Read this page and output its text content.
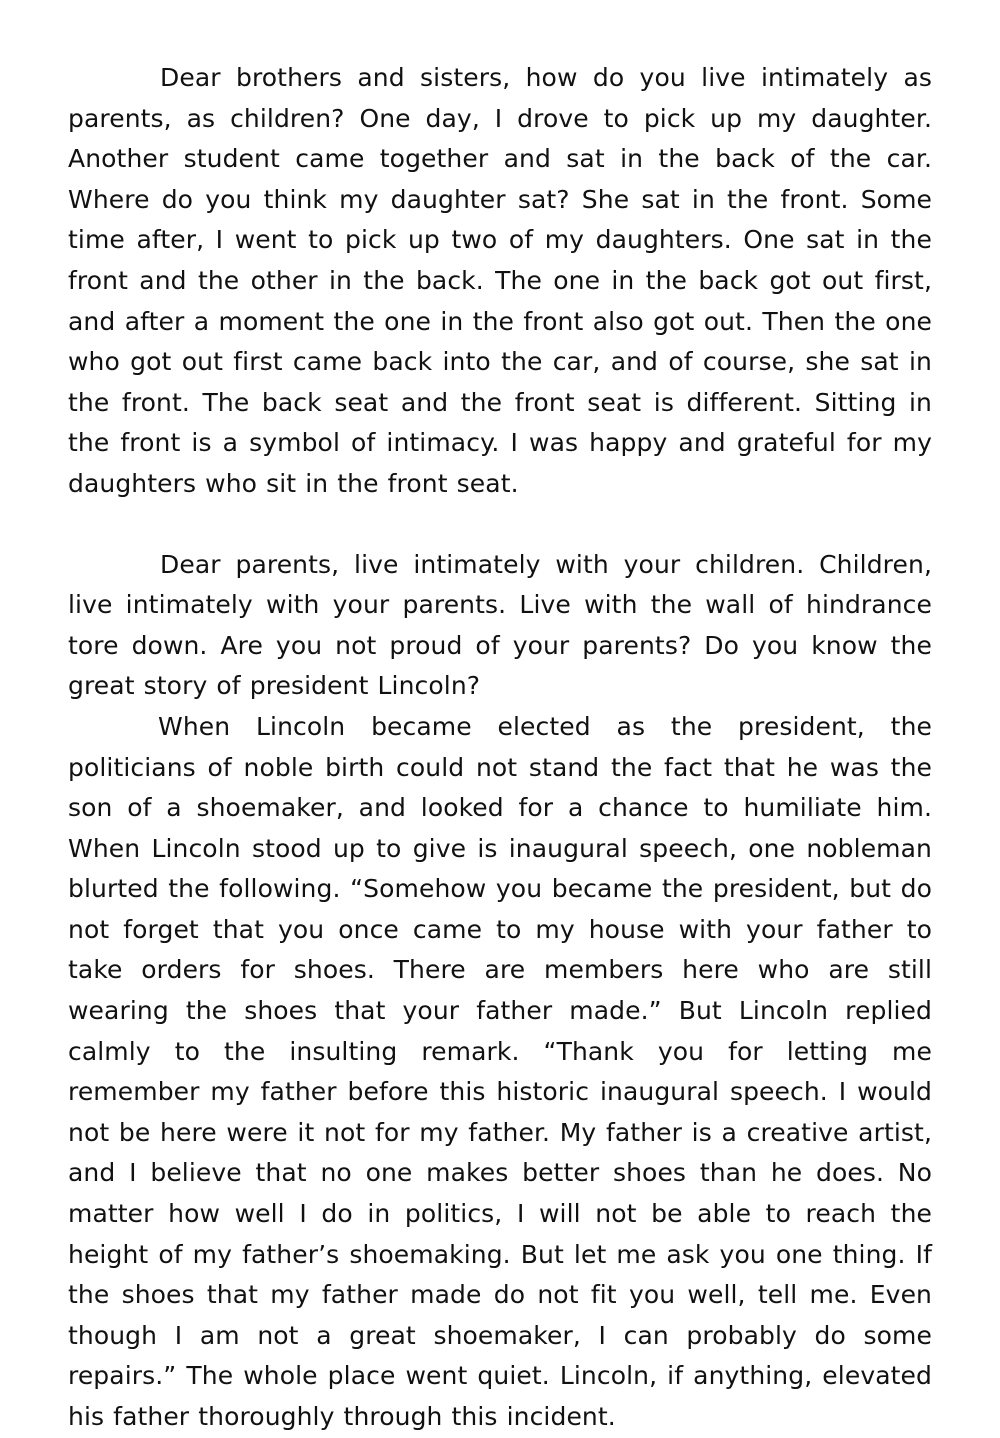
Dear brothers and sisters, how do you live intimately as parents, as children? One day, I drove to pick up my daughter. Another student came together and sat in the back of the car. Where do you think my daughter sat? She sat in the front. Some time after, I went to pick up two of my daughters. One sat in the front and the other in the back. The one in the back got out first, and after a moment the one in the front also got out. Then the one who got out first came back into the car, and of course, she sat in the front. The back seat and the front seat is different. Sitting in the front is a symbol of intimacy. I was happy and grateful for my daughters who sit in the front seat.

Dear parents, live intimately with your children. Children, live intimately with your parents. Live with the wall of hindrance tore down. Are you not proud of your parents? Do you know the great story of president Lincoln?

When Lincoln became elected as the president, the politicians of noble birth could not stand the fact that he was the son of a shoemaker, and looked for a chance to humiliate him. When Lincoln stood up to give is inaugural speech, one nobleman blurted the following. “Somehow you became the president, but do not forget that you once came to my house with your father to take orders for shoes. There are members here who are still wearing the shoes that your father made.” But Lincoln replied calmly to the insulting remark. “Thank you for letting me remember my father before this historic inaugural speech. I would not be here were it not for my father. My father is a creative artist, and I believe that no one makes better shoes than he does. No matter how well I do in politics, I will not be able to reach the height of my father’s shoemaking. But let me ask you one thing. If the shoes that my father made do not fit you well, tell me. Even though I am not a great shoemaker, I can probably do some repairs.” The whole place went quiet. Lincoln, if anything, elevated his father thoroughly through this incident.
